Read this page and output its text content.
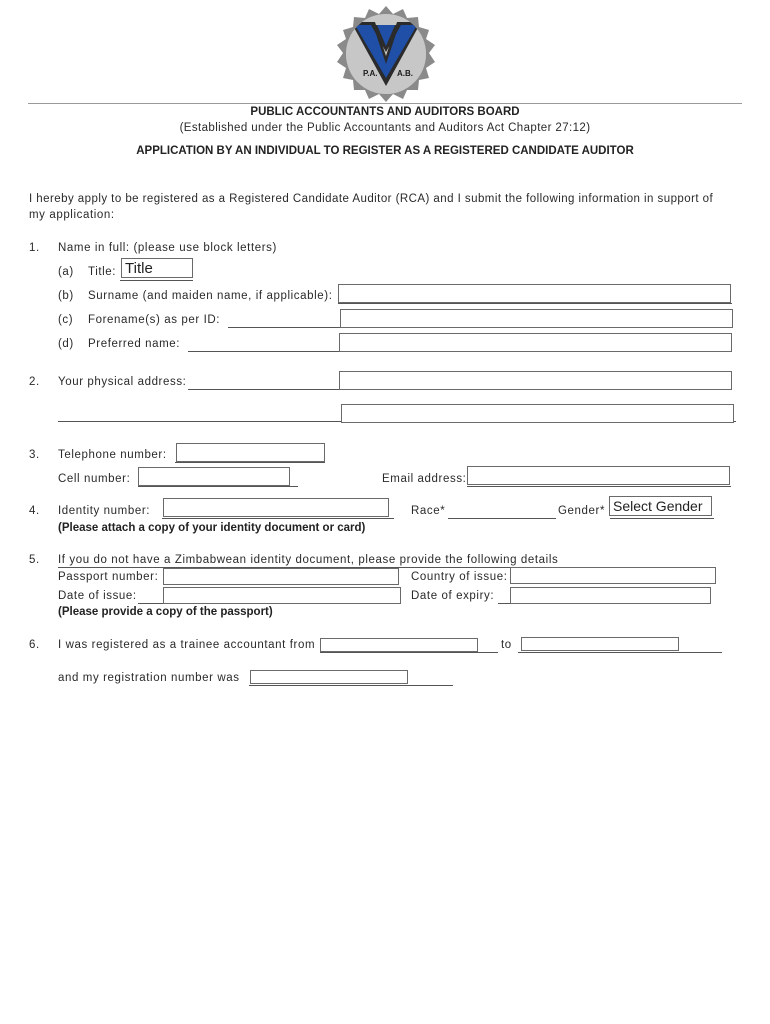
P.A. A.B.
PUBLIC ACCOUNTANTS AND AUDITORS BOARD
(Established under the Public Accountants and Auditors Act Chapter 27:12)
APPLICATION BY AN INDIVIDUAL TO REGISTER AS A REGISTERED CANDIDATE AUDITOR
I hereby apply to be registered as a Registered Candidate Auditor (RCA) and I submit the following information in support of
my application:
1. Name in full: (please use block letters)
(a) Title:
Title
(b) Surname (and maiden name, if applicable):
(c) Forename(s) as per ID:
(d) Preferred name:
2. Your physical address:
3. Telephone number:
Cell number:	Email address:
4. Identity number:	Race*	Gender*
Select Gender
(Please attach a copy of your identity document or card)
5. If you do not have a Zimbabwean identity document, please provide the following details
Passport number:	Country of issue:
Date of issue:	Date of expiry:
(Please provide a copy of the passport)
6. I was registered as a trainee accountant from	to
and my registration number was
